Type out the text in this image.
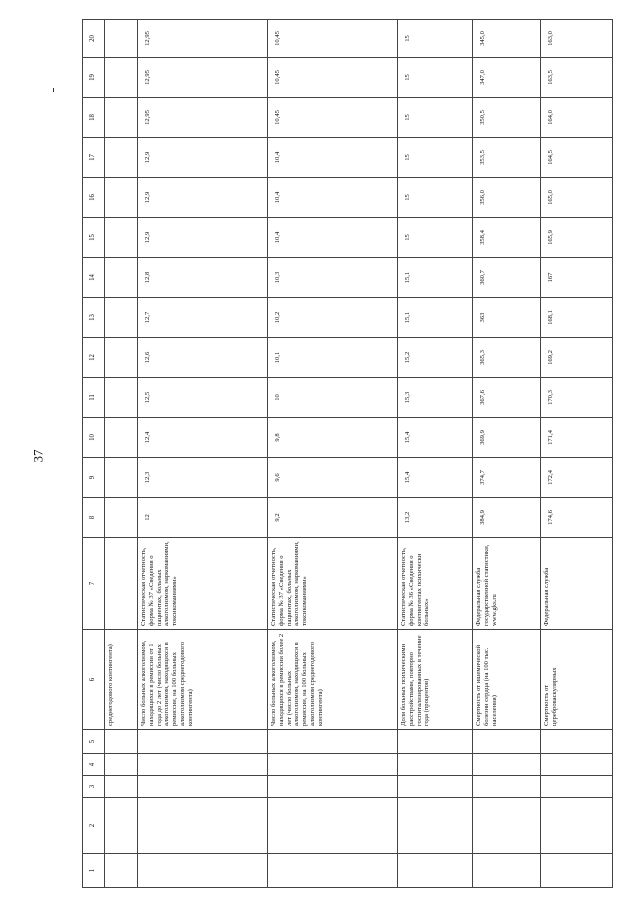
37
1	2	3	4	5	6	7	8	9	10	11	12	13	14	15	16	17	18	19	20
					среднегодового контингента)														
					Число больных алкоголизмом, находящихся в ремиссии от 1 года до 2 лет (число больных алкоголизмом, находящихся в ремиссии, на 100 больных алкоголизмом среднегодового контингента)	Статистическая отчетность, форма № 37 «Сведения о пациентах, больных алкоголизмом, наркоманиями, токсикоманиями»	12	12,3	12,4	12,5	12,6	12,7	12,8	12,9	12,9	12,9	12,95	12,95	12,95
					Число больных алкоголизмом, находящихся в ремиссии более 2 лет (число больных алкоголизмом, находящихся в ремиссии, на 100 больных алкоголизмом среднегодового контингента)	Статистическая отчетность, форма № 37 «Сведения о пациентах, больных алкоголизмом, наркоманиями, токсикоманиями»	9,2	9,6	9,8	10	10,1	10,2	10,3	10,4	10,4	10,4	10,45	10,45	10,45
					Доля больных психическими расстройствами, повторно госпитализированных в течение года (процентов)	Статистическая отчетность, форма № 36 «Сведения о контингентах психически больных»	13,2	15,4	15,4	15,3	15,2	15,1	15,1	15	15	15	15	15	15
					Смертность от ишемической болезни сердца (на 100 тыс. населения)	Федеральная служба государственной статистики, www.gks.ru	384,9	374,7	369,9	367,6	365,3	363	360,7	358,4	356,0	353,5	350,5	347,0	345,0
					Смертность от цереброваскулярных	Федеральная служба	174,6	172,4	171,4	170,3	169,2	168,1	167	165,9	165,0	164,5	164,0	163,5	163,0
